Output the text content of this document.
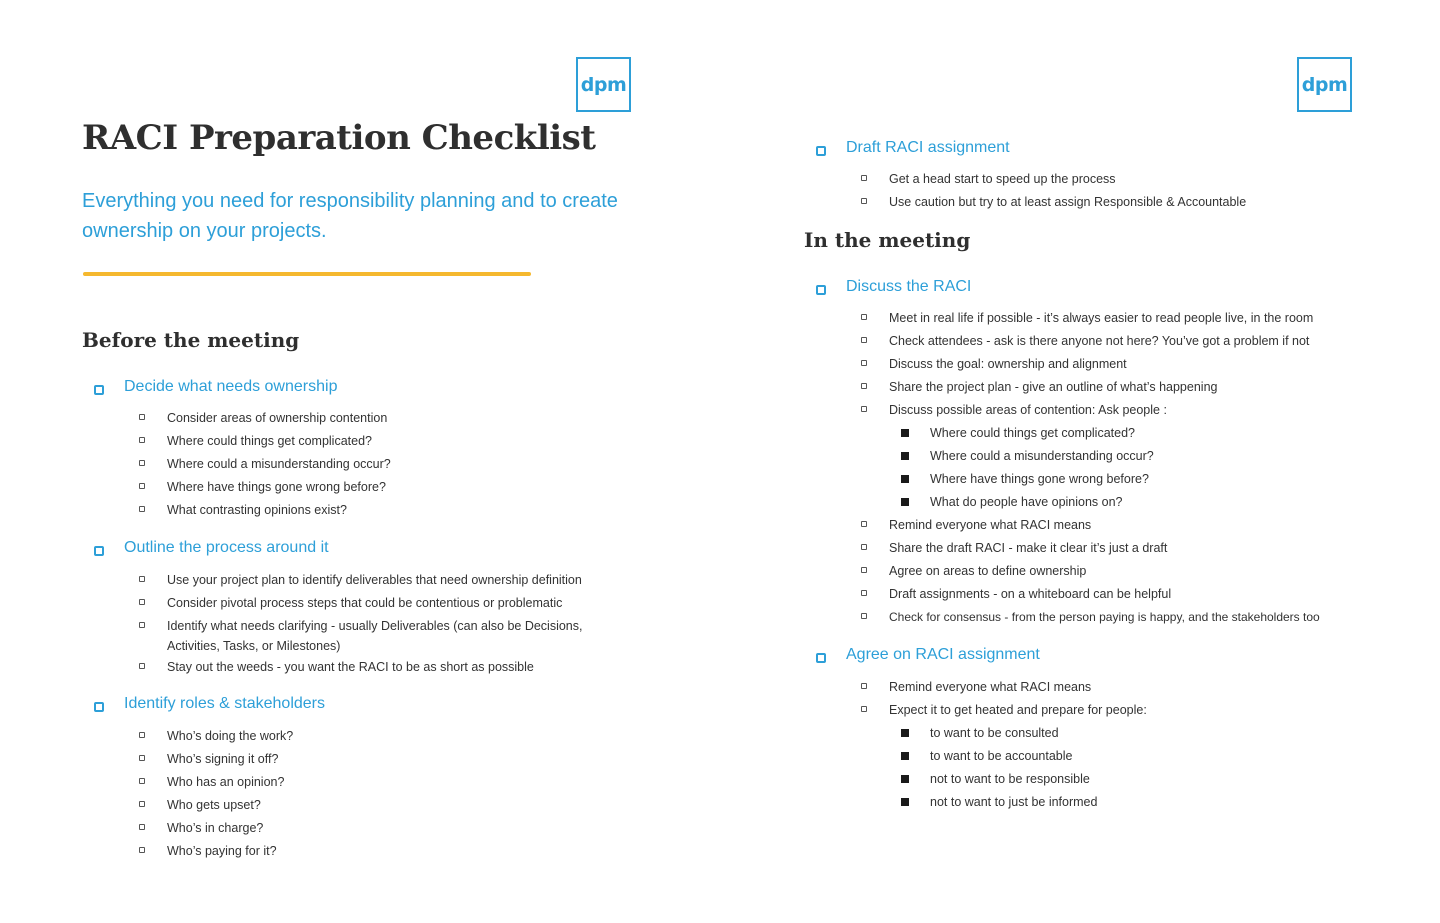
dpm
RACI Preparation Checklist

Everything you need for responsibility planning and to create ownership on your projects.

Before the meeting
Decide what needs ownership
Consider areas of ownership contention
Where could things get complicated?
Where could a misunderstanding occur?
Where have things gone wrong before?
What contrasting opinions exist?
Outline the process around it
Use your project plan to identify deliverables that need ownership definition
Consider pivotal process steps that could be contentious or problematic
Identify what needs clarifying - usually Deliverables (can also be Decisions, Activities, Tasks, or Milestones)
Stay out the weeds - you want the RACI to be as short as possible
Identify roles & stakeholders
Who’s doing the work?
Who’s signing it off?
Who has an opinion?
Who gets upset?
Who’s in charge?
Who’s paying for it?
dpm
Draft RACI assignment
Get a head start to speed up the process
Use caution but try to at least assign Responsible & Accountable
In the meeting
Discuss the RACI
Meet in real life if possible - it’s always easier to read people live, in the room
Check attendees - ask is there anyone not here? You’ve got a problem if not
Discuss the goal: ownership and alignment
Share the project plan - give an outline of what’s happening
Discuss possible areas of contention: Ask people :
Where could things get complicated?
Where could a misunderstanding occur?
Where have things gone wrong before?
What do people have opinions on?
Remind everyone what RACI means
Share the draft RACI - make it clear it’s just a draft
Agree on areas to define ownership
Draft assignments - on a whiteboard can be helpful
Check for consensus - from the person paying is happy, and the stakeholders too
Agree on RACI assignment
Remind everyone what RACI means
Expect it to get heated and prepare for people:
to want to be consulted
to want to be accountable
not to want to be responsible
not to want to just be informed
